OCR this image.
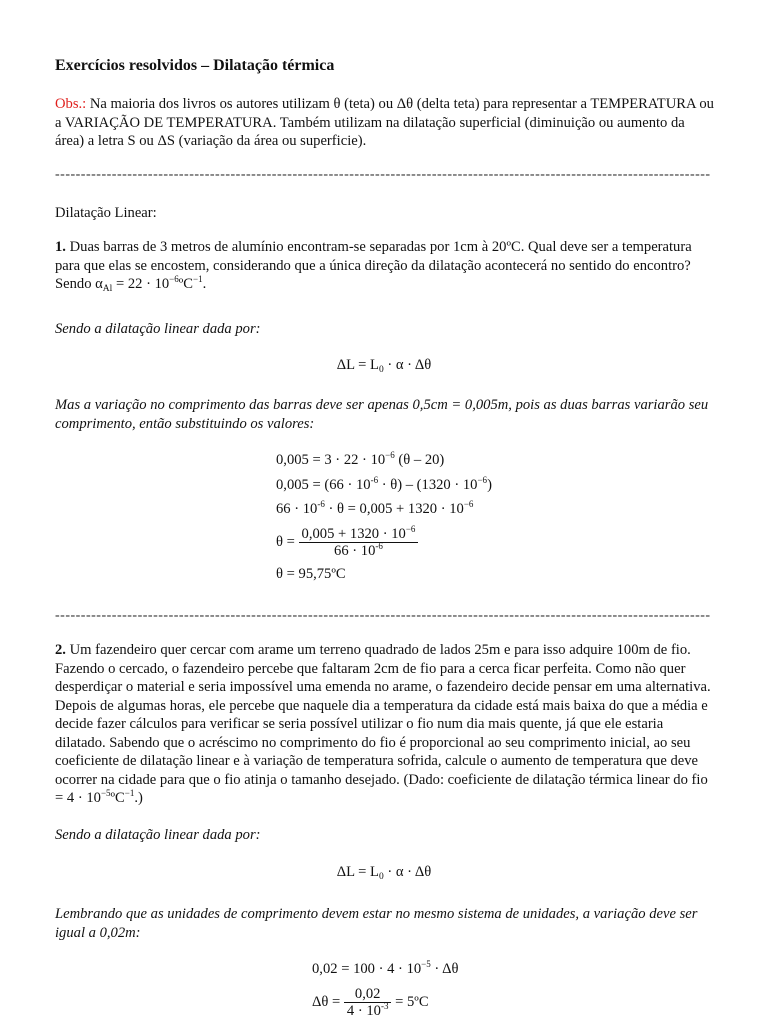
Exercícios resolvidos – Dilatação térmica

Obs.: Na maioria dos livros os autores utilizam θ (teta) ou Δθ (delta teta) para representar a TEMPERATURA ou a VARIAÇÃO DE TEMPERATURA. Também utilizam na dilatação superficial (diminuição ou aumento da área) a letra S ou ΔS (variação da área ou superficie).

-------------------------------------------------------------------------------------------------------------------------------
Dilatação Linear:

1. Duas barras de 3 metros de alumínio encontram-se separadas por 1cm à 20ºC. Qual deve ser a temperatura para que elas se encostem, considerando que a única direção da dilatação acontecerá no sentido do encontro? Sendo $\alpha_{Al} = 22$ · $10^{-6}ºC^{-1}$.

Sendo a dilatação linear dada por:

$\Delta L = L_0 \cdot \alpha \cdot \Delta\theta$

Mas a variação no comprimento das barras deve ser apenas 0,5cm = 0,005m, pois as duas barras variarão seu comprimento, então substituindo os valores:

$0,005 = 3 \cdot 22 \cdot 10^{-6}$ (θ – 20)
$0,005 = (66 \cdot 10^{-6} \cdot \theta) - (1320 \cdot 10^{-6})$
$66 \cdot 10^{-6} \cdot \theta = 0,005 + 1320 \cdot 10^{-6}$
$\theta = \frac{0,005 + 1320 \cdot 10^{-6}}{66 \cdot 10^{-6}}$
θ = 95,75ºC
-------------------------------------------------------------------------------------------------------------------------------

2. Um fazendeiro quer cercar com arame um terreno quadrado de lados 25m e para isso adquire 100m de fio. Fazendo o cercado, o fazendeiro percebe que faltaram 2cm de fio para a cerca ficar perfeita. Como não quer desperdiçar o material e seria impossível uma emenda no arame, o fazendeiro decide pensar em uma alternativa. Depois de algumas horas, ele percebe que naquele dia a temperatura da cidade está mais baixa do que a média e decide fazer cálculos para verificar se seria possível utilizar o fio num dia mais quente, já que ele estaria dilatado. Sabendo que o acréscimo no comprimento do fio é proporcional ao seu comprimento inicial, ao seu coeficiente de dilatação linear e à variação de temperatura sofrida, calcule o aumento de temperatura que deve ocorrer na cidade para que o fio atinja o tamanho desejado. (Dado: coeficiente de dilatação térmica linear do fio = $4 \cdot 10^{-5}ºC^{-1}$.)

Sendo a dilatação linear dada por:

$\Delta L = L_0 \cdot \alpha \cdot \Delta\theta$

Lembrando que as unidades de comprimento devem estar no mesmo sistema de unidades, a variação deve ser igual a 0,02m:

$0,02 = 100 \cdot 4 \cdot 10^{-5} \cdot \Delta\theta$
$\Delta\theta = \frac{0,02}{4 \cdot 10^{-3}}$ = 5ºC
